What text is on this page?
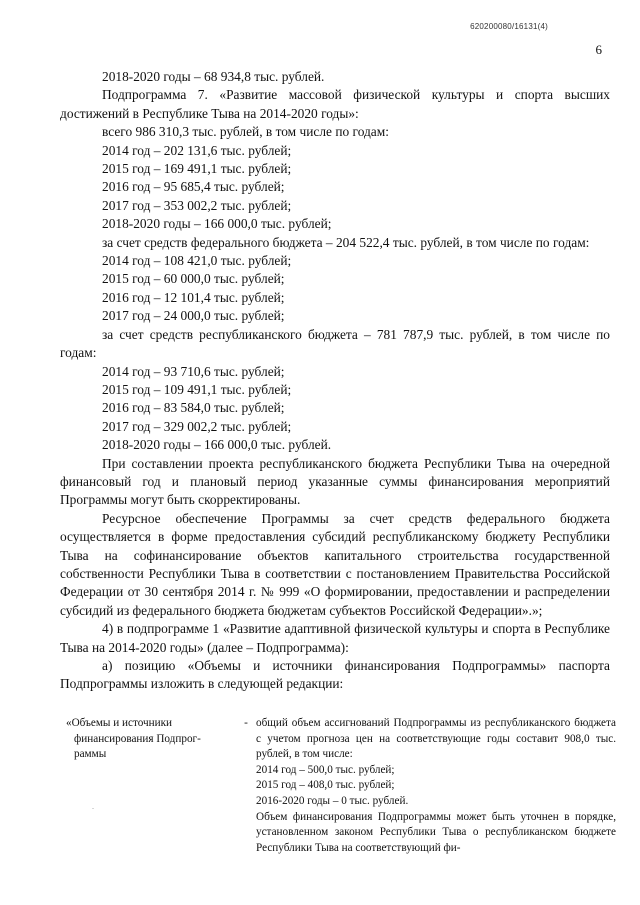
620200080/16131(4)
6

2018-2020 годы – 68 934,8 тыс. рублей.

Подпрограмма 7. «Развитие массовой физической культуры и спорта высших достижений в Республике Тыва на 2014-2020 годы»:

всего 986 310,3 тыс. рублей, в том числе по годам:

2014 год – 202 131,6 тыс. рублей;

2015 год – 169 491,1 тыс. рублей;

2016 год – 95 685,4 тыс. рублей;

2017 год – 353 002,2 тыс. рублей;

2018-2020 годы – 166 000,0 тыс. рублей;

за счет средств федерального бюджета – 204 522,4 тыс. рублей, в том числе по годам:

2014 год – 108 421,0 тыс. рублей;

2015 год – 60 000,0 тыс. рублей;

2016 год – 12 101,4 тыс. рублей;

2017 год – 24 000,0 тыс. рублей;

за счет средств республиканского бюджета – 781 787,9 тыс. рублей, в том числе по годам:

2014 год – 93 710,6 тыс. рублей;

2015 год – 109 491,1 тыс. рублей;

2016 год – 83 584,0 тыс. рублей;

2017 год – 329 002,2 тыс. рублей;

2018-2020 годы – 166 000,0 тыс. рублей.

При составлении проекта республиканского бюджета Республики Тыва на очередной финансовый год и плановый период указанные суммы финансирования мероприятий Программы могут быть скорректированы.

Ресурсное обеспечение Программы за счет средств федерального бюджета осуществляется в форме предоставления субсидий республиканскому бюджету Республики Тыва на софинансирование объектов капитального строительства государственной собственности Республики Тыва в соответствии с постановлением Правительства Российской Федерации от 30 сентября 2014 г. № 999 «О формировании, предоставлении и распределении субсидий из федерального бюджета бюджетам субъектов Российской Федерации».»;

4) в подпрограмме 1 «Развитие адаптивной физической культуры и спорта в Республике Тыва на 2014-2020 годы» (далее – Подпрограмма):

а) позицию «Объемы и источники финансирования Подпрограммы» паспорта Подпрограммы изложить в следующей редакции:

«Объемы и источники
финансирования Подпрог-
раммы
- общий объем ассигнований Подпрограммы из республиканского бюджета с учетом прогноза цен на соответствующие годы составит 908,0 тыс. рублей, в том числе:

2014 год – 500,0 тыс. рублей;

2015 год – 408,0 тыс. рублей;

2016-2020 годы – 0 тыс. рублей.

Объем финансирования Подпрограммы может быть уточнен в порядке, установленном законом Республики Тыва о республиканском бюджете Республики Тыва на соответствующий фи-

.
